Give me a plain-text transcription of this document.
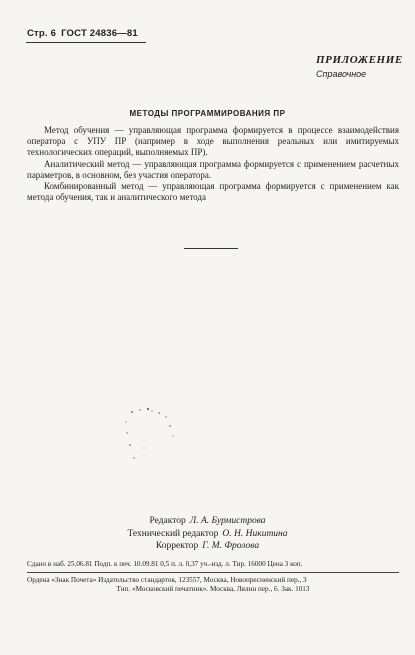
Стр. 6 ГОСТ 24836—81
ПРИЛОЖЕНИЕ
Справочное
МЕТОДЫ ПРОГРАММИРОВАНИЯ ПР

Метод обучения — управляющая программа формируется в процессе взаимодействия оператора с УПУ ПР (например в ходе выполнения реальных или имитируемых технологических операций, выполняемых ПР).

Аналитический метод — управляющая программа формируется с применением расчетных параметров, в основном, без участия оператора.

Комбинированный метод — управляющая программа формируется с применением как метода обучения, так и аналитического метода

Редактор Л. А. Бурмистрова
Технический редактор О. Н. Никитина
Корректор Г. М. Фролова
Сдано в наб. 25.06.81 Подп. к печ. 10.09.81 0,5 п. л. 0,37 уч.-изд. л. Тир. 16000 Цена 3 коп.
Ордена «Знак Почета» Издательство стандартов, 123557, Москва, Новопресненский пер., 3
Тип. «Московский печатник». Москва, Лялин пер., 6. Зак. 1013
